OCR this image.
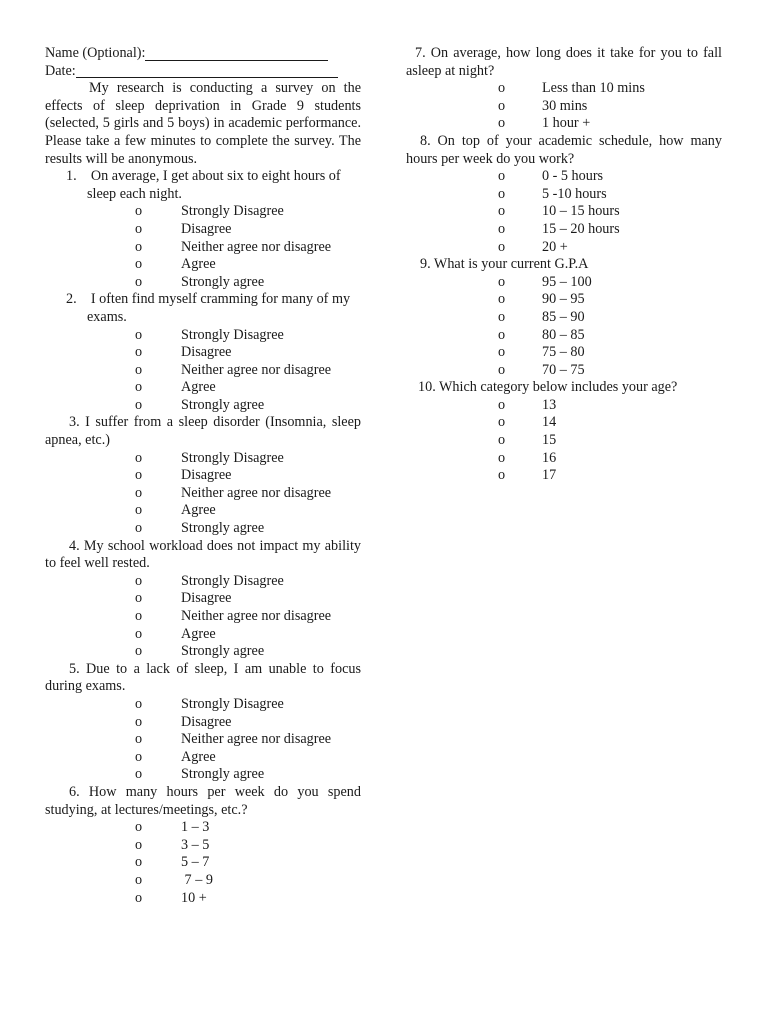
Name (Optional):
Date:
My research is conducting a survey on the effects of sleep deprivation in Grade 9 students (selected, 5 girls and 5 boys) in academic performance. Please take a few minutes to complete the survey. The results will be anonymous.
1. On average, I get about six to eight hours of sleep each night.
o	Strongly Disagree
o	Disagree
o	Neither agree nor disagree
o	Agree
o	Strongly agree
2. I often find myself cramming for many of my exams.
o	Strongly Disagree
o	Disagree
o	Neither agree nor disagree
o	Agree
o	Strongly agree
3. I suffer from a sleep disorder (Insomnia, sleep apnea, etc.)
o	Strongly Disagree
o	Disagree
o	Neither agree nor disagree
o	Agree
o	Strongly agree
4. My school workload does not impact my ability to feel well rested.
o	Strongly Disagree
o	Disagree
o	Neither agree nor disagree
o	Agree
o	Strongly agree
5. Due to a lack of sleep, I am unable to focus during exams.
o	Strongly Disagree
o	Disagree
o	Neither agree nor disagree
o	Agree
o	Strongly agree
6. How many hours per week do you spend studying, at lectures/meetings, etc.?
o	1 – 3
o	3 – 5
o	5 – 7
o	7 – 9
o	10 +
7. On average, how long does it take for you to fall asleep at night?
o	Less than 10 mins
o	30 mins
o	1 hour +
8. On top of your academic schedule, how many hours per week do you work?
o	0 - 5 hours
o	5 -10 hours
o	10 – 15 hours
o	15 – 20 hours
o	20 +
9. What is your current G.P.A
o	95 – 100
o	90 – 95
o	85 – 90
o	80 – 85
o	75 – 80
o	70 – 75
10. Which category below includes your age?
o	13
o	14
o	15
o	16
o	17
